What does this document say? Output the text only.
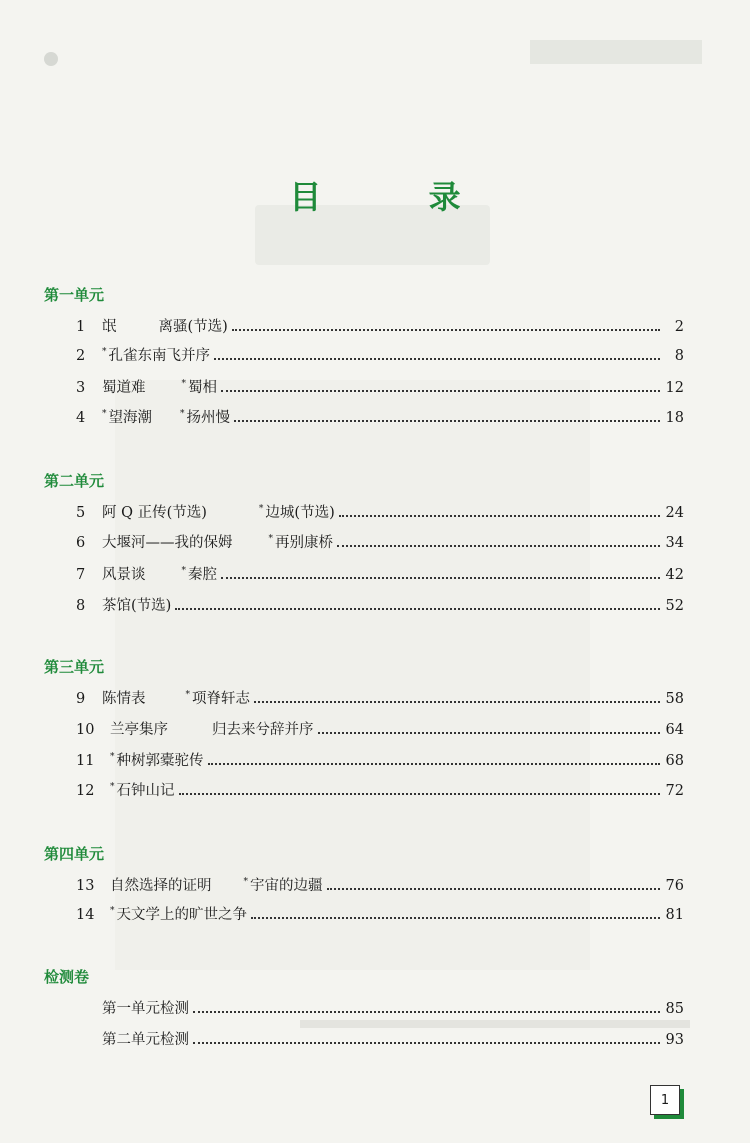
目 录
第一单元
1	氓	离骚(节选)	2
2	* 孔雀东南飞并序	8
3	蜀道难	* 蜀相	12
4	* 望海潮	* 扬州慢	18
第二单元
5	阿 Q 正传(节选)	* 边城(节选)	24
6	大堰河——我的保姆	* 再别康桥	34
7	风景谈	* 秦腔	42
8	茶馆(节选)	52
第三单元
9	陈情表	* 项脊轩志	58
10	兰亭集序	归去来兮辞并序	64
11	* 种树郭橐驼传	68
12	* 石钟山记	72
第四单元
13	自然选择的证明	* 宇宙的边疆	76
14	* 天文学上的旷世之争	81
检测卷
第一单元检测	85
第二单元检测	93
1
